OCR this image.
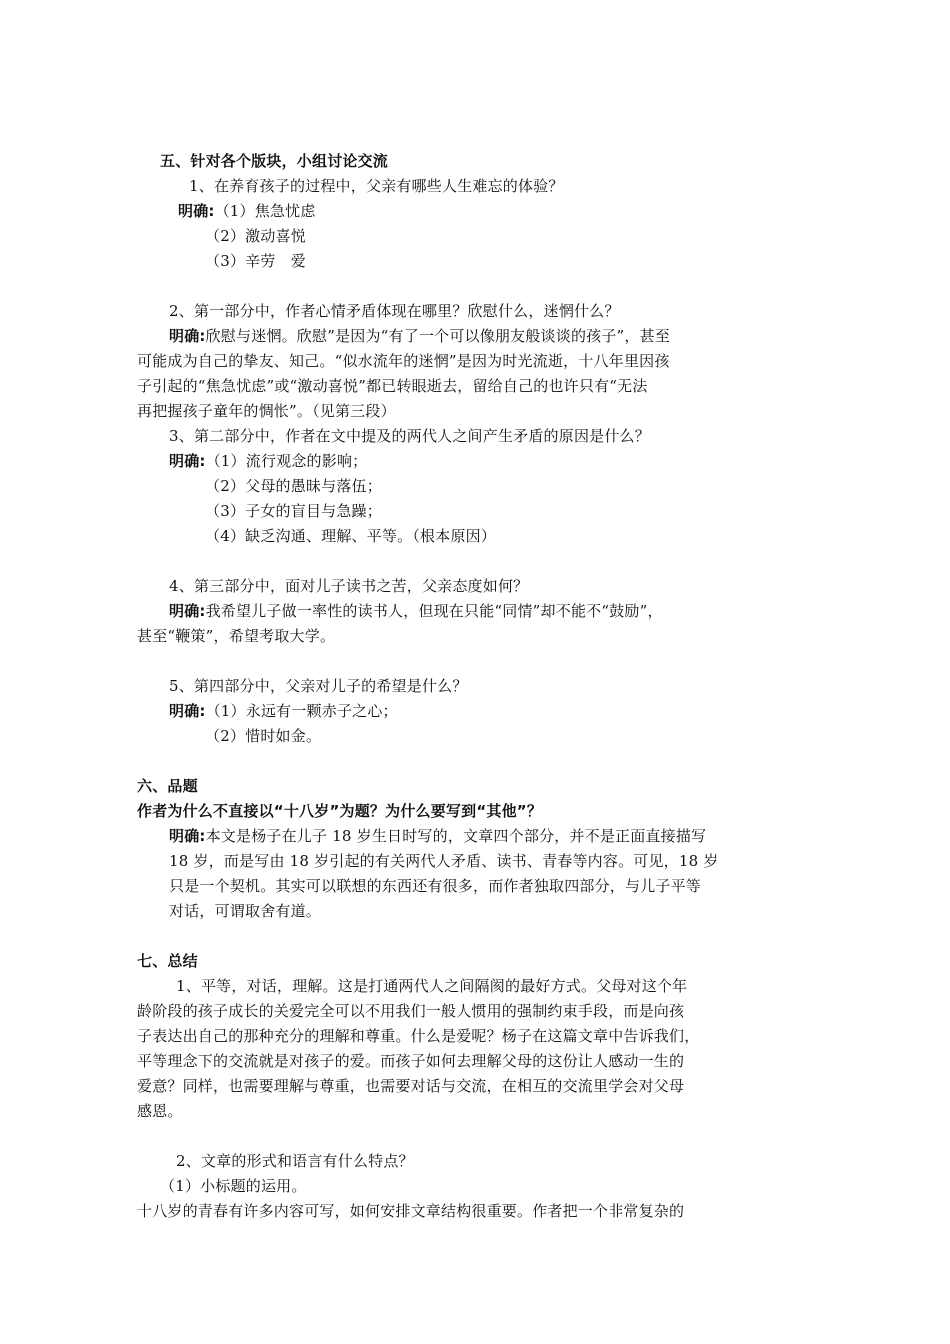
五、针对各个版块，小组讨论交流
1、在养育孩子的过程中，父亲有哪些人生难忘的体验？
明确:（1）焦急忧虑
（2）激动喜悦
（3）辛劳　爱
2、第一部分中，作者心情矛盾体现在哪里？欣慰什么，迷惘什么？
明确:欣慰与迷惘。欣慰”是因为“有了一个可以像朋友般谈谈的孩子”，甚至
可能成为自己的挚友、知己。“似水流年的迷惘”是因为时光流逝，十八年里因孩
子引起的“焦急忧虑”或“激动喜悦”都已转眼逝去，留给自己的也许只有“无法
再把握孩子童年的惆怅”。（见第三段）
3、第二部分中，作者在文中提及的两代人之间产生矛盾的原因是什么？
明确:（1）流行观念的影响；
（2）父母的愚昧与落伍；
（3）子女的盲目与急躁；
（4）缺乏沟通、理解、平等。（根本原因）
4、第三部分中，面对儿子读书之苦，父亲态度如何？
明确:我希望儿子做一率性的读书人，但现在只能“同情”却不能不“鼓励”，
甚至“鞭策”，希望考取大学。
5、第四部分中，父亲对儿子的希望是什么？
明确:（1）永远有一颗赤子之心；
（2）惜时如金。
六、品题
作者为什么不直接以“十八岁”为题？为什么要写到“其他”？
明确:本文是杨子在儿子 18 岁生日时写的，文章四个部分，并不是正面直接描写
18 岁，而是写由 18 岁引起的有关两代人矛盾、读书、青春等内容。可见，18 岁
只是一个契机。其实可以联想的东西还有很多，而作者独取四部分，与儿子平等
对话，可谓取舍有道。
七、总结
1、平等，对话，理解。这是打通两代人之间隔阂的最好方式。父母对这个年
龄阶段的孩子成长的关爱完全可以不用我们一般人惯用的强制约束手段，而是向孩
子表达出自己的那种充分的理解和尊重。什么是爱呢？杨子在这篇文章中告诉我们，
平等理念下的交流就是对孩子的爱。而孩子如何去理解父母的这份让人感动一生的
爱意？同样，也需要理解与尊重，也需要对话与交流，在相互的交流里学会对父母
感恩。
2、文章的形式和语言有什么特点？
（1）小标题的运用。
十八岁的青春有许多内容可写，如何安排文章结构很重要。作者把一个非常复杂的
